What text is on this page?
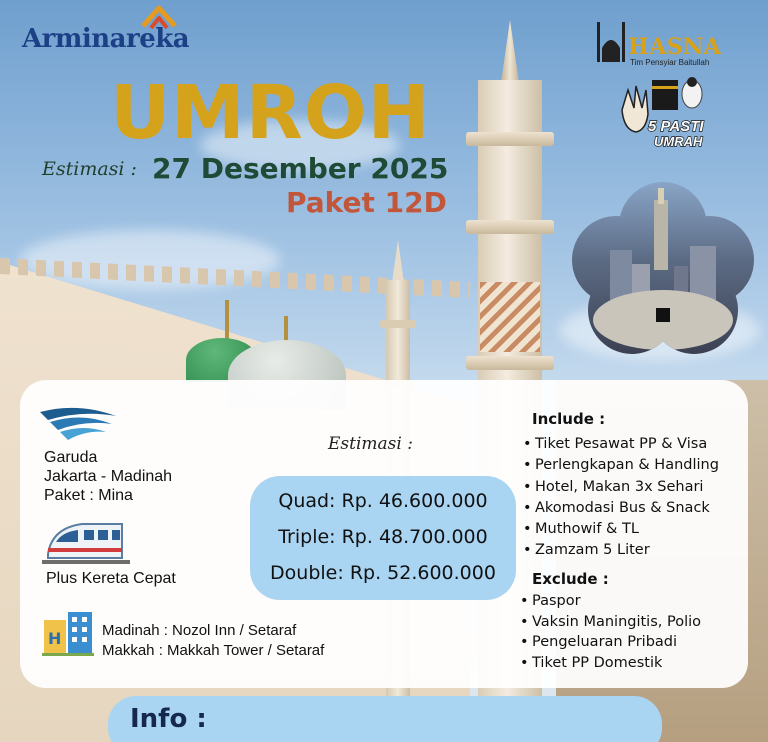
Arminareka	HASNA
Tim Pensyiar Baitullah
5 PASTI
UMRAH
UMROH
Estimasi : 27 Desember 2025
Paket 12D
Garuda
Jakarta - Madinah
Paket : Mina
Plus Kereta Cepat
H	Madinah : Nozol Inn / Setaraf
Makkah : Makkah Tower / Setaraf
Estimasi :
Quad: Rp. 46.600.000
Triple: Rp. 48.700.000
Double: Rp. 52.600.000
Include :
• Tiket Pesawat PP & Visa
• Perlengkapan & Handling
• Hotel, Makan 3x Sehari
• Akomodasi Bus & Snack
• Muthowif & TL
• Zamzam 5 Liter
Exclude :
• Paspor
• Vaksin Maningitis, Polio
• Pengeluaran Pribadi
• Tiket PP Domestik
Info :
